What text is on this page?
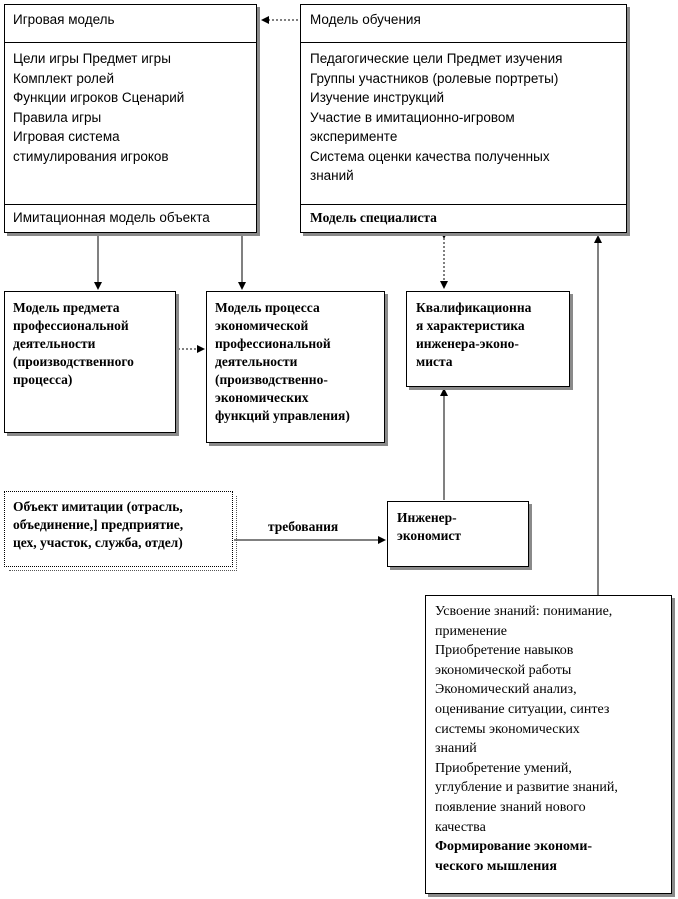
Игровая модель
Цели игры Предмет игры
Комплект ролей
Функции игроков Сценарий
Правила игры
Игровая система
стимулирования игроков
Имитационная модель объекта
Модель обучения
Педагогические цели Предмет изучения
Группы участников (ролевые портреты)
Изучение инструкций
Участие в имитационно-игровом
эксперименте
Система оценки качества полученных
знаний
Модель специалиста
Модель предмета
профессиональной
деятельности
(производственного
процесса)
Модель процесса
экономической
профессиональной
деятельности
(производственно-
экономических
функций управления)
Квалификационна
я характеристика
инженера-эконо-
миста
Объект имитации (отрасль,
объединение,] предприятие,
цех, участок, служба, отдел)
требования
Инженер-
экономист
Усвоение знаний: понимание,
применение
Приобретение навыков
экономической работы
Экономический анализ,
оценивание ситуации, синтез
системы экономических
знаний
Приобретение умений,
углубление и развитие знаний,
появление знаний нового
качества
Формирование экономи-
ческого мышления
